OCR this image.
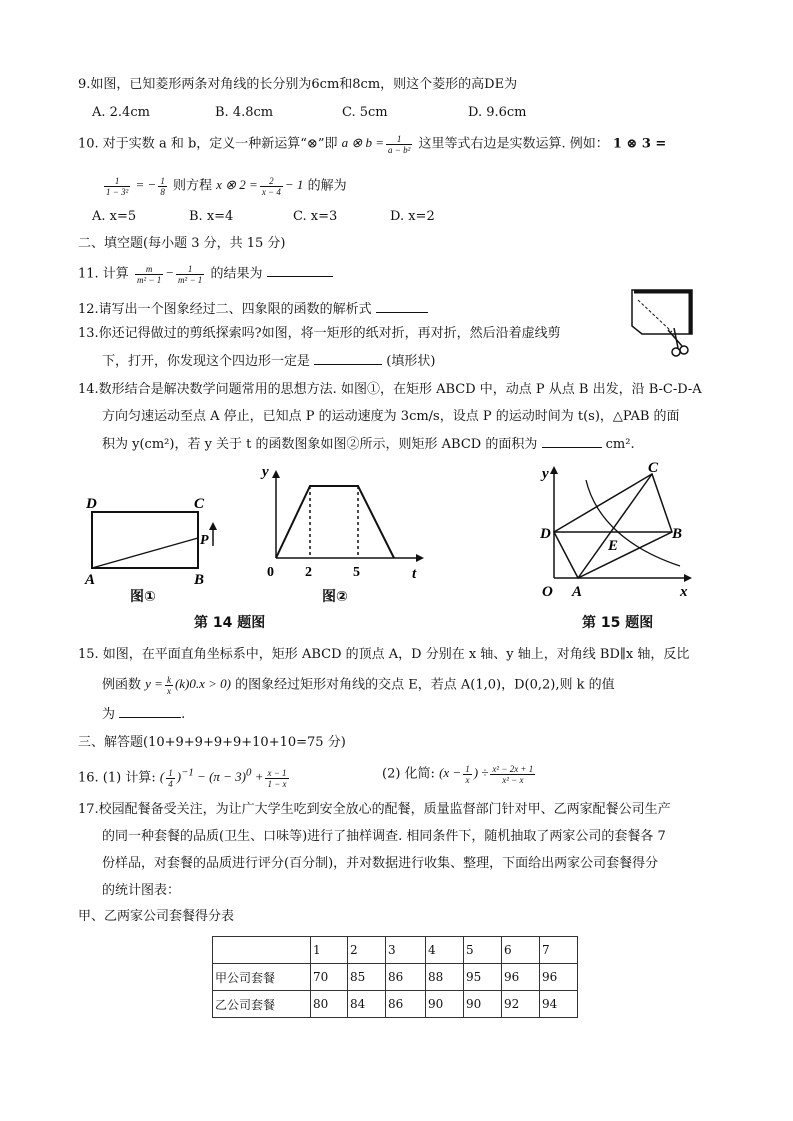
9.如图，已知菱形两条对角线的长分别为6cm和8cm，则这个菱形的高DE为
A. 2.4cm	B. 4.8cm	C. 5cm	D. 9.6cm
10. 对于实数 a 和 b，定义一种新运算“⊗”即 a ⊗ $b = \frac{1}{\text{a − b²}}$ 这里等式右边是实数运算. 例如： 1 ⊗ 3 =
$\frac{1}{\text{1 − 3²}}$ = − $\frac{1}{8}$ 则方程 x ⊗ $2 = \frac{2}{x - 4} - 1$ 的解为
A. x=5	B. x=4	C. x=3	D. x=2
二、填空题(每小题 3 分，共 15 分)
11. 计算 $\frac{m}{\text{m² − 1}} - \frac{1}{\text{m² − 1}}$ 的结果为
12.请写出一个图象经过二、四象限的函数的解析式
13.你还记得做过的剪纸探索吗?如图，将一矩形的纸对折，再对折，然后沿着虚线剪
下，打开，你发现这个四边形一定是	(填形状)
14.数形结合是解决数学问题常用的思想方法. 如图①，在矩形 ABCD 中，动点 P 从点 B 出发，沿 B-C-D-A
方向匀速运动至点 A 停止，已知点 P 的运动速度为 3cm/s，设点 P 的运动时间为 t(s)，△PAB 的面
积为 y(cm²)，若 y 关于 t 的函数图象如图②所示，则矩形 ABCD 的面积为	cm².
D	C
A	B
P
图①
y
0 2	5	t
图②
第 14 题图
y	C
D	B
E
O A	x
第 15 题图
15. 如图，在平面直角坐标系中，矩形 ABCD 的顶点 A，D 分别在 x 轴、y 轴上，对角线 BD∥x 轴，反比
例函数 $y = \frac{k}{x} (k)0.x > 0$) 的图象经过矩形对角线的交点 E，若点 A(1,0)，D(0,2),则 k 的值
为	.
三、解答题(10+9+9+9+9+10+10=75 分)
16. (1) 计算: ( $\frac{1}{4} )^{-1} - (\pi - 3)^0 + \frac{x - 1}{1 - x}$	(2) 化简: ($x - \frac{1}{x}$ ) ÷ $\frac{\text{x² − 2x + 1}}{\text{x² − x}}$
17.校园配餐备受关注，为让广大学生吃到安全放心的配餐，质量监督部门针对甲、乙两家配餐公司生产
的同一种套餐的品质(卫生、口味等)进行了抽样调查. 相同条件下，随机抽取了两家公司的套餐各 7
份样品，对套餐的品质进行评分(百分制)，并对数据进行收集、整理，下面给出两家公司套餐得分
的统计图表：
甲、乙两家公司套餐得分表
	1	2	3	4	5	6	7
甲公司套餐	70	85	86	88	95	96	96
乙公司套餐	80	84	86	90	90	92	94
